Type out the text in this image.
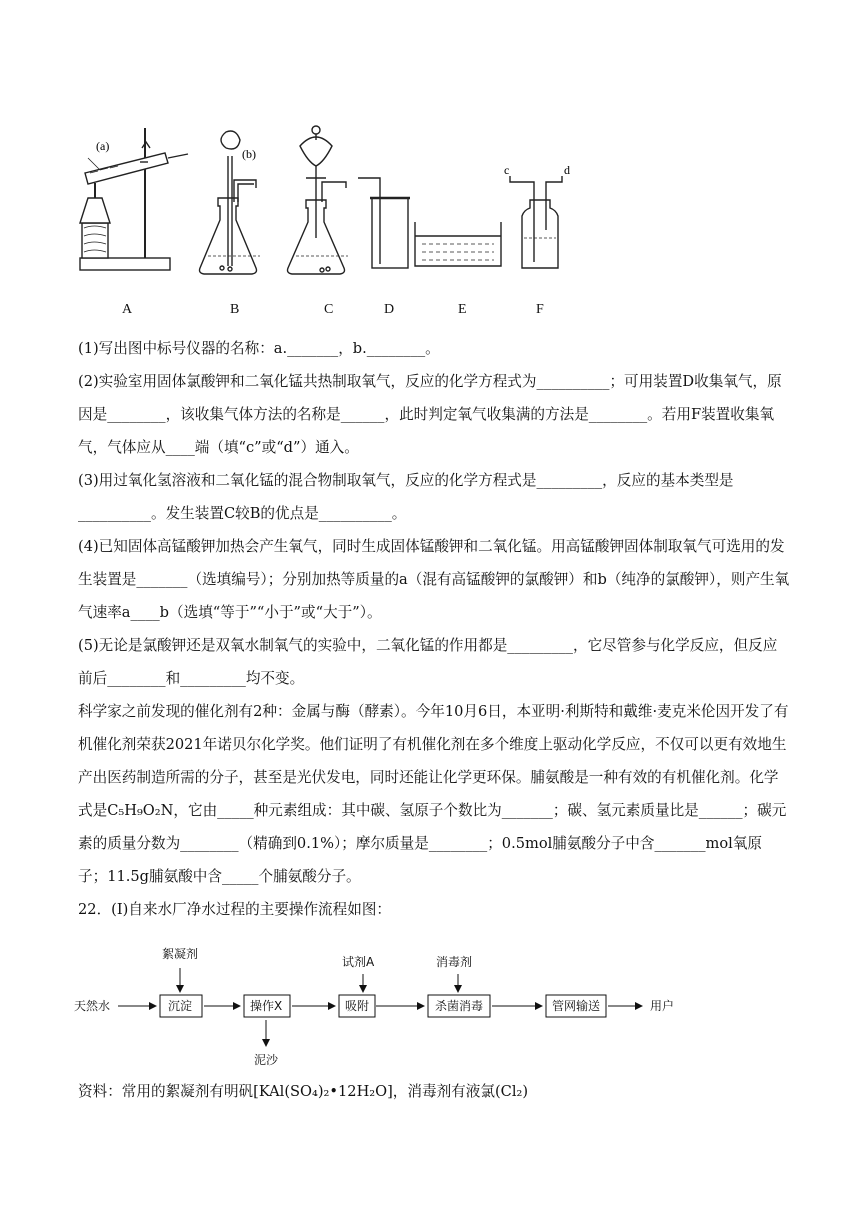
(a)
(b)
c	d
A	B	C	D	E	F

(1)写出图中标号仪器的名称：a._______，b.________。

(2)实验室用固体氯酸钾和二氧化锰共热制取氧气，反应的化学方程式为__________；可用装置D收集氧气，原因是________，该收集气体方法的名称是______，此时判定氧气收集满的方法是________。若用F装置收集氧气，气体应从____端（填“c”或“d”）通入。

(3)用过氧化氢溶液和二氧化锰的混合物制取氧气，反应的化学方程式是_________，反应的基本类型是__________。发生装置C较B的优点是__________。

(4)已知固体高锰酸钾加热会产生氧气，同时生成固体锰酸钾和二氧化锰。用高锰酸钾固体制取氧气可选用的发生装置是_______（选填编号）；分别加热等质量的a（混有高锰酸钾的氯酸钾）和b（纯净的氯酸钾），则产生氧气速率a____b（选填“等于”“小于”或“大于”）。

(5)无论是氯酸钾还是双氧水制氧气的实验中，二氧化锰的作用都是_________，它尽管参与化学反应，但反应前后________和_________均不变。

科学家之前发现的催化剂有2种：金属与酶（酵素）。今年10月6日，本亚明·利斯特和戴维·麦克米伦因开发了有机催化剂荣获2021年诺贝尔化学奖。他们证明了有机催化剂在多个维度上驱动化学反应，不仅可以更有效地生产出医药制造所需的分子，甚至是光伏发电，同时还能让化学更环保。脯氨酸是一种有效的有机催化剂。化学式是C₅H₉O₂N，它由_____种元素组成：其中碳、氢原子个数比为_______；碳、氢元素质量比是______；碳元素的质量分数为________（精确到0.1%）；摩尔质量是________；0.5mol脯氨酸分子中含_______mol氧原子；11.5g脯氨酸中含_____个脯氨酸分子。

22．(I)自来水厂净水过程的主要操作流程如图：

天然水	沉淀	操作X	吸附	杀菌消毒	管网输送	用户
絮凝剂
试剂A	消毒剂
泥沙

资料：常用的絮凝剂有明矾[KAl(SO₄)₂•12H₂O]，消毒剂有液氯(Cl₂)
